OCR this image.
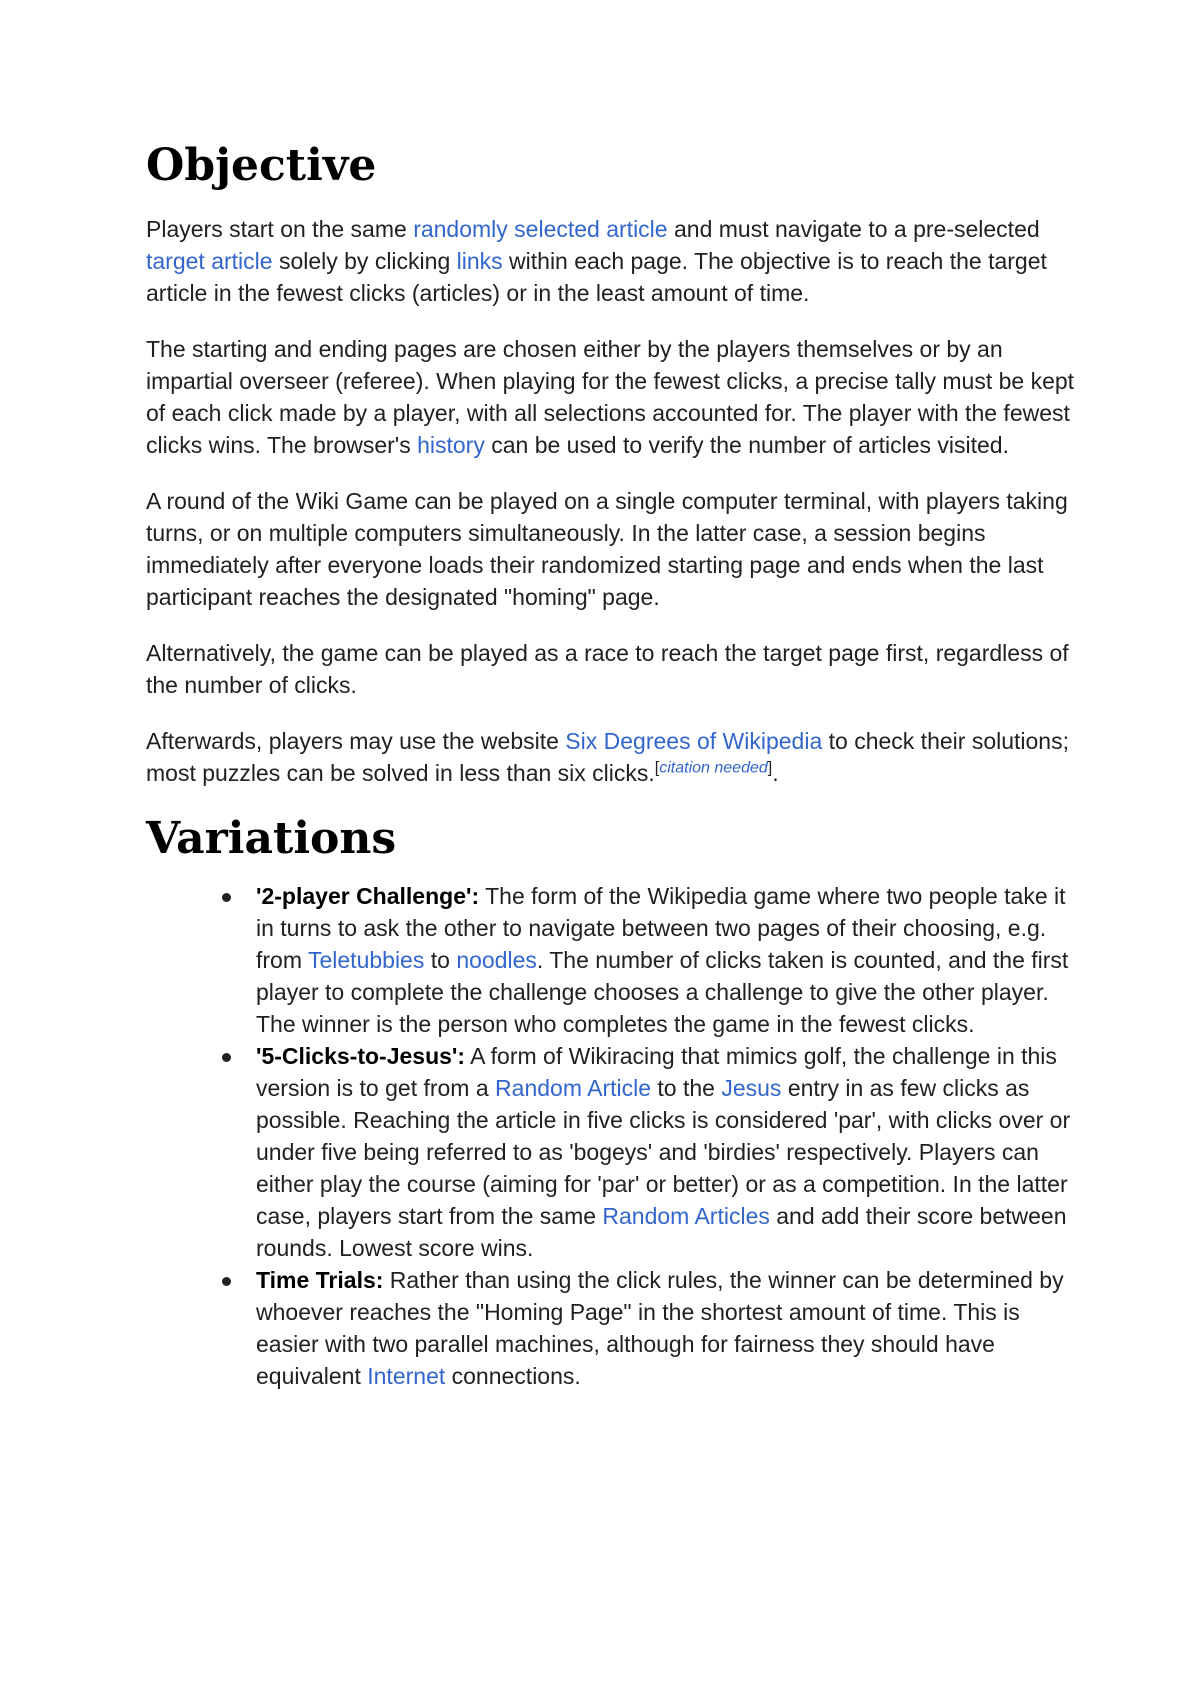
Objective

Players start on the same randomly selected article and must navigate to a pre-selected target article solely by clicking links within each page. The objective is to reach the target article in the fewest clicks (articles) or in the least amount of time.

The starting and ending pages are chosen either by the players themselves or by an impartial overseer (referee). When playing for the fewest clicks, a precise tally must be kept of each click made by a player, with all selections accounted for. The player with the fewest clicks wins. The browser's history can be used to verify the number of articles visited.

A round of the Wiki Game can be played on a single computer terminal, with players taking turns, or on multiple computers simultaneously. In the latter case, a session begins immediately after everyone loads their randomized starting page and ends when the last participant reaches the designated "homing" page.

Alternatively, the game can be played as a race to reach the target page first, regardless of the number of clicks.

Afterwards, players may use the website Six Degrees of Wikipedia to check their solutions; most puzzles can be solved in less than six clicks.[citation needed].

Variations
'2-player Challenge': The form of the Wikipedia game where two people take it in turns to ask the other to navigate between two pages of their choosing, e.g. from Teletubbies to noodles. The number of clicks taken is counted, and the first player to complete the challenge chooses a challenge to give the other player. The winner is the person who completes the game in the fewest clicks.
'5-Clicks-to-Jesus': A form of Wikiracing that mimics golf, the challenge in this version is to get from a Random Article to the Jesus entry in as few clicks as possible. Reaching the article in five clicks is considered 'par', with clicks over or under five being referred to as 'bogeys' and 'birdies' respectively. Players can either play the course (aiming for 'par' or better) or as a competition. In the latter case, players start from the same Random Articles and add their score between rounds. Lowest score wins.
Time Trials: Rather than using the click rules, the winner can be determined by whoever reaches the "Homing Page" in the shortest amount of time. This is easier with two parallel machines, although for fairness they should have equivalent Internet connections.
